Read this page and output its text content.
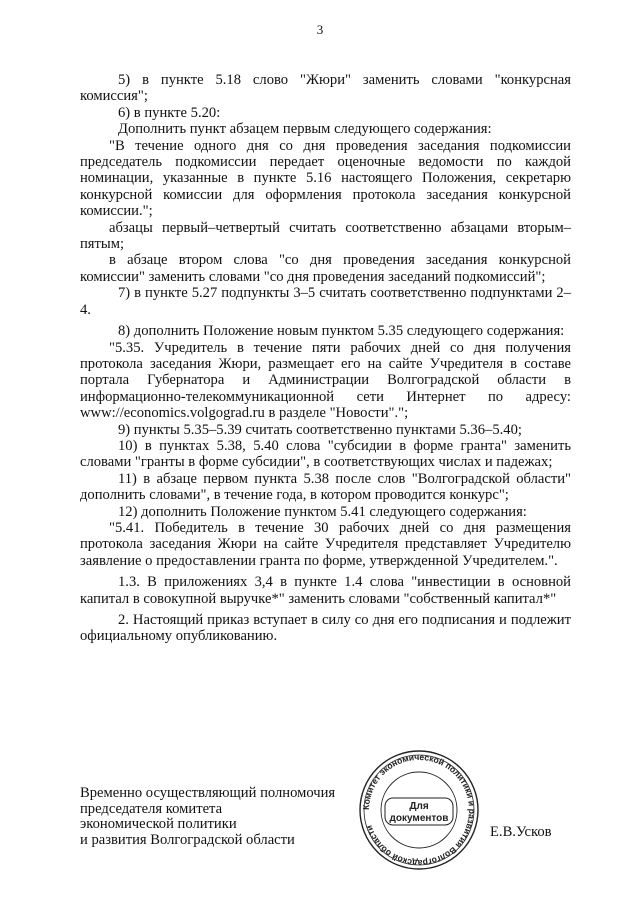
3

5) в пункте 5.18 слово "Жюри" заменить словами "конкурсная комиссия";

6) в пункте 5.20:

Дополнить пункт абзацем первым следующего содержания:

"В течение одного дня со дня проведения заседания подкомиссии председатель подкомиссии передает оценочные ведомости по каждой номинации, указанные в пункте 5.16 настоящего Положения, секретарю конкурсной комиссии для оформления протокола заседания конкурсной комиссии.";

абзацы первый–четвертый считать соответственно абзацами вторым–пятым;

в абзаце втором слова "со дня проведения заседания конкурсной комиссии" заменить словами "со дня проведения заседаний подкомиссий";

7) в пункте 5.27 подпункты 3–5 считать соответственно подпунктами 2–4.

8) дополнить Положение новым пунктом 5.35 следующего содержания:

"5.35. Учредитель в течение пяти рабочих дней со дня получения протокола заседания Жюри, размещает его на сайте Учредителя в составе портала Губернатора и Администрации Волгоградской области в информационно-телекоммуникационной сети Интернет по адресу: www://economics.volgograd.ru в разделе "Новости".";

9) пункты 5.35–5.39 считать соответственно пунктами 5.36–5.40;

10) в пунктах 5.38, 5.40 слова "субсидии в форме гранта" заменить словами "гранты в форме субсидии", в соответствующих числах и падежах;

11) в абзаце первом пункта 5.38 после слов "Волгоградской области" дополнить словами", в течение года, в котором проводится конкурс";

12) дополнить Положение пунктом 5.41 следующего содержания:

"5.41. Победитель в течение 30 рабочих дней со дня размещения протокола заседания Жюри на сайте Учредителя представляет Учредителю заявление о предоставлении гранта по форме, утвержденной Учредителем.".

1.3. В приложениях 3,4 в пункте 1.4 слова "инвестиции в основной капитал в совокупной выручке*" заменить словами "собственный капитал*"

2. Настоящий приказ вступает в силу со дня его подписания и подлежит официальному опубликованию.

Временно осуществляющий полномочия
председателя комитета
экономической политики
и развития Волгоградской области
Комитет экономической политики и развития Волгоградской области
Для
документов
Е.В.Усков
